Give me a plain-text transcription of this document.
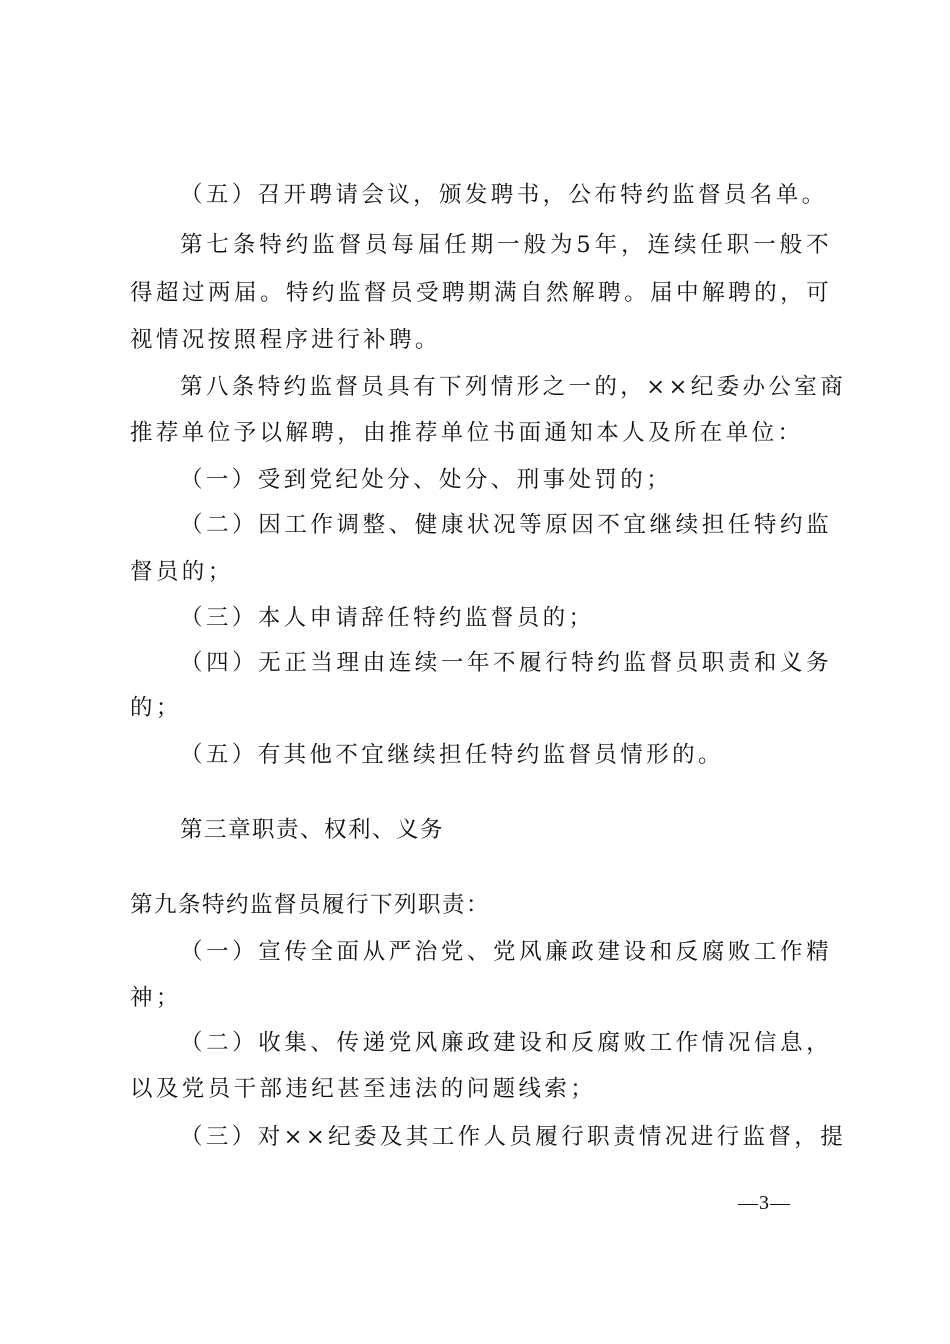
（五）召开聘请会议，颁发聘书，公布特约监督员名单。
第七条特约监督员每届任期一般为5年，连续任职一般不
得超过两届。特约监督员受聘期满自然解聘。届中解聘的，可
视情况按照程序进行补聘。
第八条特约监督员具有下列情形之一的，××纪委办公室商
推荐单位予以解聘，由推荐单位书面通知本人及所在单位：
（一）受到党纪处分、处分、刑事处罚的；
（二）因工作调整、健康状况等原因不宜继续担任特约监
督员的；
（三）本人申请辞任特约监督员的；
（四）无正当理由连续一年不履行特约监督员职责和义务
的；
（五）有其他不宜继续担任特约监督员情形的。
第三章职责、权利、义务
第九条特约监督员履行下列职责：
（一）宣传全面从严治党、党风廉政建设和反腐败工作精
神；
（二）收集、传递党风廉政建设和反腐败工作情况信息，
以及党员干部违纪甚至违法的问题线索；
（三）对××纪委及其工作人员履行职责情况进行监督，提
—3—
